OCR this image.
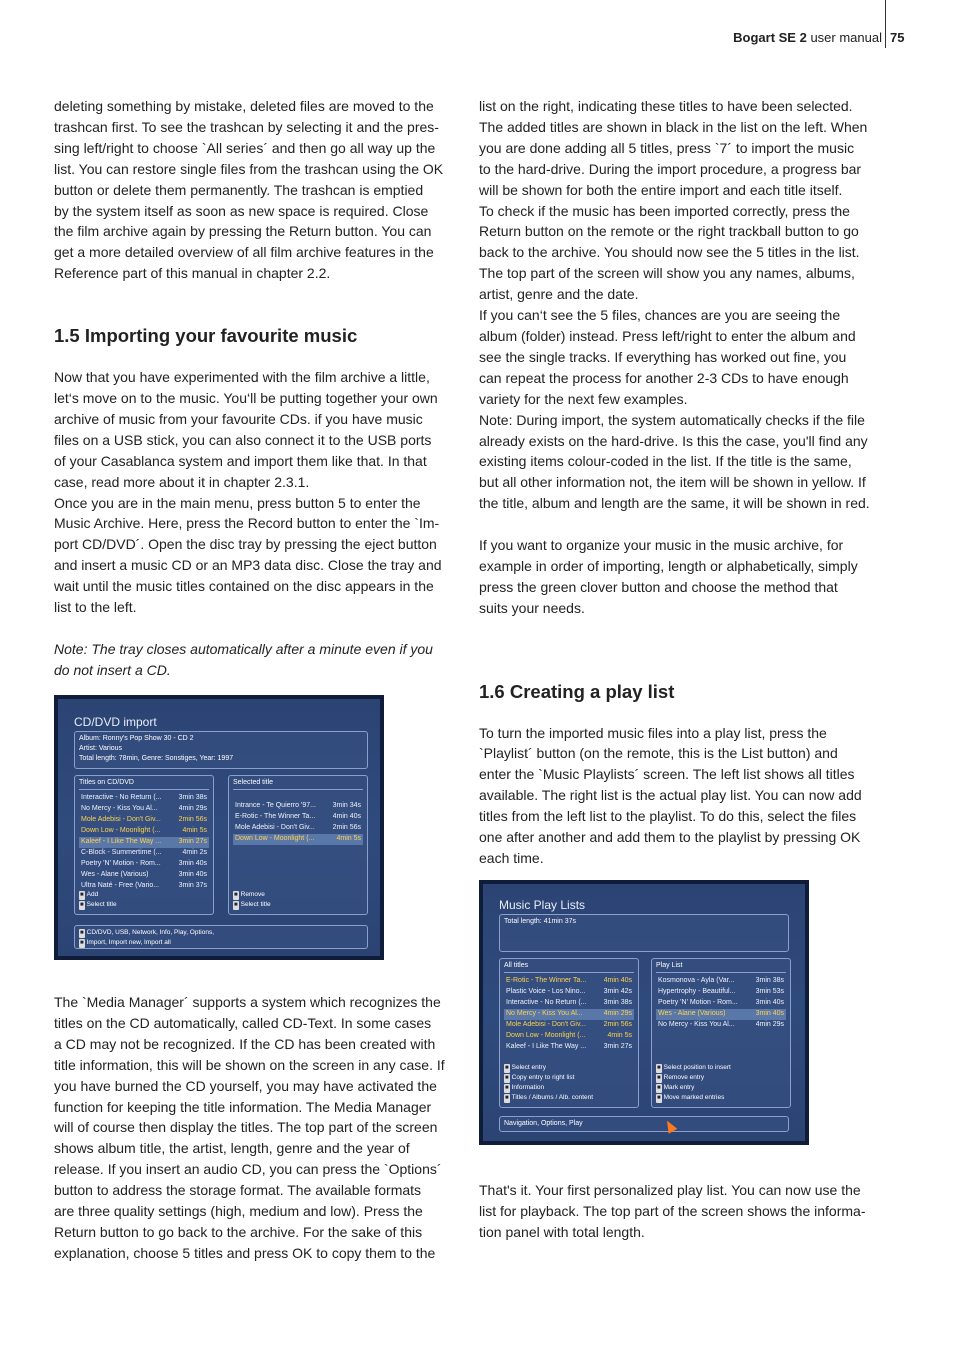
Bogart SE 2 user manual 75

deleting something by mistake, deleted files are moved to the

trashcan first. To see the trashcan by selecting it and the pres-

sing left/right to choose `All series´ and then go all way up the

list. You can restore single files from the trashcan using the OK

button or delete them permanently. The trashcan is emptied

by the system itself as soon as new space is required. Close

the film archive again by pressing the Return button. You can

get a more detailed overview of all film archive features in the

Reference part of this manual in chapter 2.2.

1.5 Importing your favourite music

Now that you have experimented with the film archive a little,

let‘s move on to the music. You‘ll be putting together your own

archive of music from your favourite CDs. if you have music

files on a USB stick, you can also connect it to the USB ports

of your Casablanca system and import them like that. In that

case, read more about it in chapter 2.3.1.

Once you are in the main menu, press button 5 to enter the

Music Archive. Here, press the Record button to enter the `Im-

port CD/DVD´. Open the disc tray by pressing the eject button

and insert a music CD or an MP3 data disc. Close the tray and

wait until the music titles contained on the disc appears in the

list to the left.

Note: The tray closes automatically after a minute even if you

do not insert a CD.

CD/DVD import

Album: Ronny's Pop Show 30 - CD 2

Artist: Various

Total length: 78min, Genre: Sonstiges, Year: 1997

Titles on CD/DVD
Interactive - No Return (... 3min 38s
No Mercy - Kiss You Al...	4min 29s
Mole Adebisi - Don't Giv...	2min 56s
Down Low - Moonlight (...	4min 5s
Kaleef - I Like The Way ... 3min 27s
C-Block - Summertime (...	4min 2s
Poetry 'N' Motion - Rom...	3min 40s
Wes - Alane (Various)	3min 40s
Ultra Naté - Free (Vario...	3min 37s
■ Add
■ Select title
Selected title
Intrance - Te Quierro '97... 3min 34s
E-Rotic - The Winner Ta... 4min 40s
Mole Adebisi - Don't Giv...	2min 56s
Down Low - Moonlight (...	4min 5s
■ Remove
■ Select title
■ CD/DVD, USB, Network, Info, Play, Options,
■ Import, Import new, Import all

The `Media Manager´ supports a system which recognizes the

titles on the CD automatically, called CD-Text. In some cases

a CD may not be recognized. If the CD has been created with

title information, this will be shown on the screen in any case. If

you have burned the CD yourself, you may have activated the

function for keeping the title information. The Media Manager

will of course then display the titles. The top part of the screen

shows album title, the artist, length, genre and the year of

release. If you insert an audio CD, you can press the `Options´

button to address the storage format. The available formats

are three quality settings (high, medium and low). Press the

Return button to go back to the archive. For the sake of this

explanation, choose 5 titles and press OK to copy them to the

list on the right, indicating these titles to have been selected.

The added titles are shown in black in the list on the left. When

you are done adding all 5 titles, press `7´ to import the music

to the hard-drive. During the import procedure, a progress bar

will be shown for both the entire import and each title itself.

To check if the music has been imported correctly, press the

Return button on the remote or the right trackball button to go

back to the archive. You should now see the 5 titles in the list.

The top part of the screen will show you any names, albums,

artist, genre and the date.

If you can‘t see the 5 files, chances are you are seeing the

album (folder) instead. Press left/right to enter the album and

see the single tracks. If everything has worked out fine, you

can repeat the process for another 2-3 CDs to have enough

variety for the next few examples.

Note: During import, the system automatically checks if the file

already exists on the hard-drive. Is this the case, you'll find any

existing items colour-coded in the list. If the title is the same,

but all other information not, the item will be shown in yellow. If

the title, album and length are the same, it will be shown in red.

If you want to organize your music in the music archive, for

example in order of importing, length or alphabetically, simply

press the green clover button and choose the method that

suits your needs.

1.6 Creating a play list

To turn the imported music files into a play list, press the

`Playlist´ button (on the remote, this is the List button) and

enter the `Music Playlists´ screen. The left list shows all titles

available. The right list is the actual play list. You can now add

titles from the left list to the playlist. To do this, select the files

one after another and add them to the playlist by pressing OK

each time.

Music Play Lists
Total length: 41min 37s
All titles
E-Rotic - The Winner Ta... 4min 40s
Plastic Voice - Los Nino...	3min 42s
Interactive - No Return (... 3min 38s
No Mercy - Kiss You Al...	4min 29s
Mole Adebisi - Don't Giv...	2min 56s
Down Low - Moonlight (...	4min 5s
Kaleef - I Like The Way ... 3min 27s
■ Select entry
■ Copy entry to right list
■ Information
■ Titles / Albums / Alb. content
Play List
Kosmonova - Ayla (Var...	3min 38s
Hypertrophy - Beautiful...	3min 53s
Poetry 'N' Motion - Rom...	3min 40s
Wes - Alane (Various)	3min 40s
No Mercy - Kiss You Al...	4min 29s
■ Select position to insert
■ Remove entry
■ Mark entry
■ Move marked entries
Navigation, Options, Play

That's it. Your first personalized play list. You can now use the

list for playback. The top part of the screen shows the informa-

tion panel with total length.
